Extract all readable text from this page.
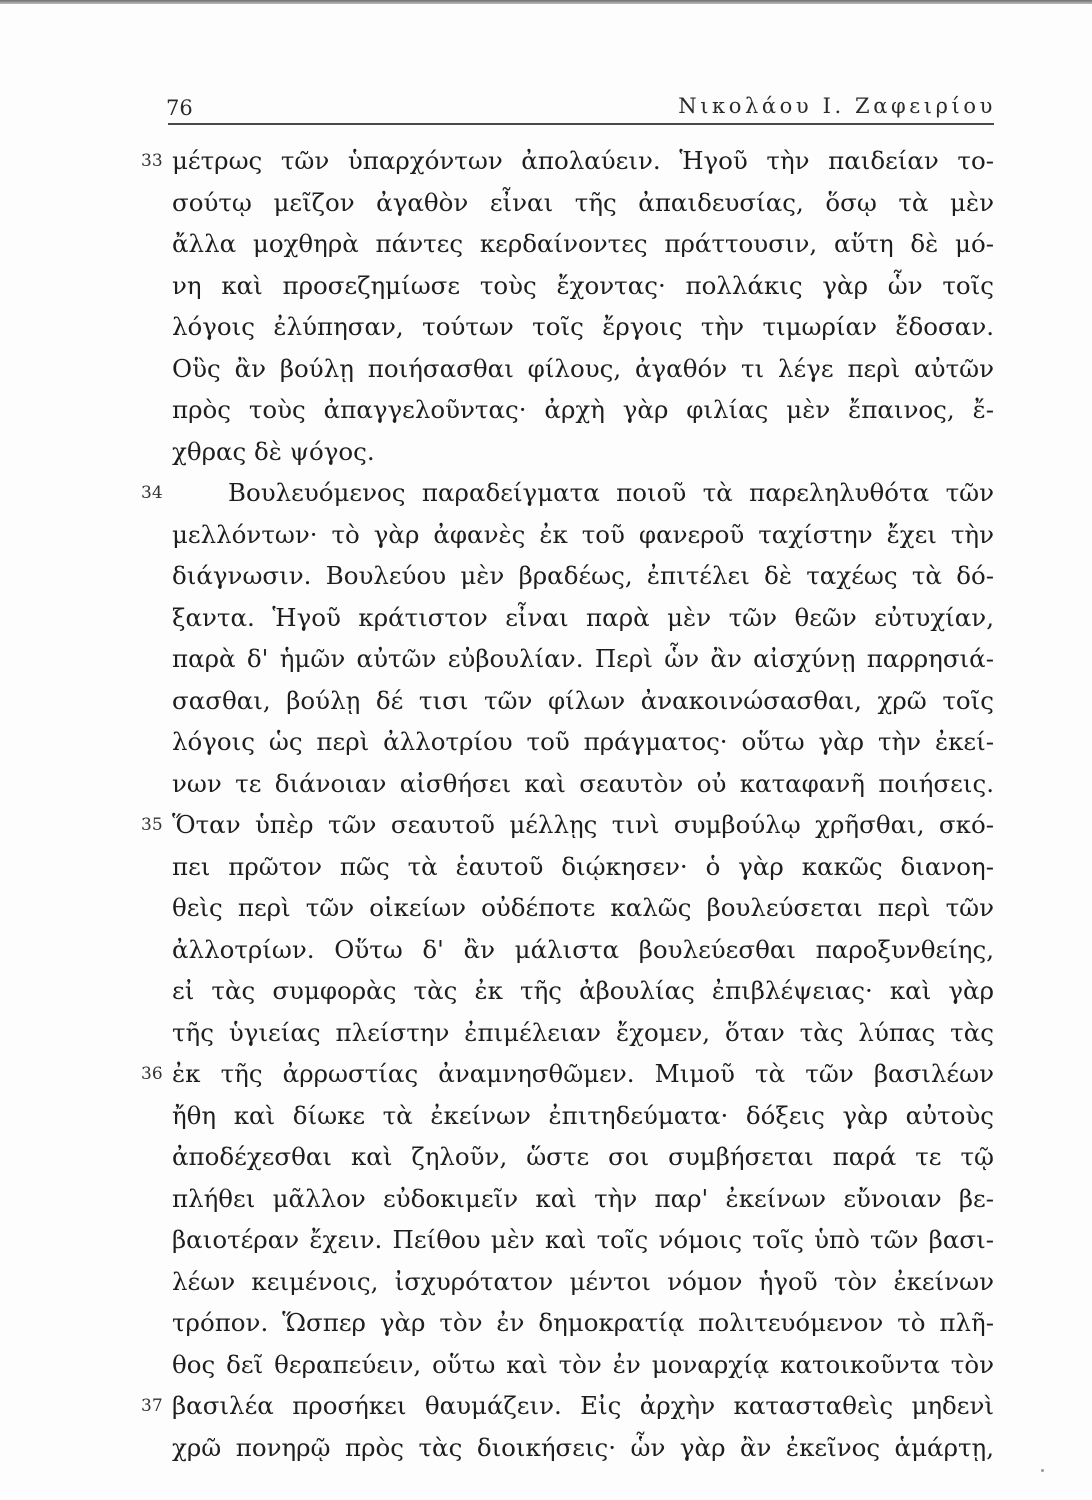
76	Νικολάου Ι. Ζαφειρίου
33 μέτρως τῶν ὑπαρχόντων ἀπολαύειν. Ἡγοῦ τὴν παιδείαν το-
σούτῳ μεῖζον ἀγαθὸν εἶναι τῆς ἀπαιδευσίας, ὅσῳ τὰ μὲν
ἄλλα μοχθηρὰ πάντες κερδαίνοντες πράττουσιν, αὕτη δὲ μό-
νη καὶ προσεζημίωσε τοὺς ἔχοντας· πολλάκις γὰρ ὧν τοῖς
λόγοις ἐλύπησαν, τούτων τοῖς ἔργοις τὴν τιμωρίαν ἔδοσαν.
Οὓς ἂν βούλῃ ποιήσασθαι φίλους, ἀγαθόν τι λέγε περὶ αὐτῶν
πρὸς τοὺς ἀπαγγελοῦντας· ἀρχὴ γὰρ φιλίας μὲν ἔπαινος, ἔ-
χθρας δὲ ψόγος.
34	Βουλευόμενος παραδείγματα ποιοῦ τὰ παρεληλυθότα τῶν
μελλόντων· τὸ γὰρ ἀφανὲς ἐκ τοῦ φανεροῦ ταχίστην ἔχει τὴν
διάγνωσιν. Βουλεύου μὲν βραδέως, ἐπιτέλει δὲ ταχέως τὰ δό-
ξαντα. Ἡγοῦ κράτιστον εἶναι παρὰ μὲν τῶν θεῶν εὐτυχίαν,
παρὰ δ' ἡμῶν αὐτῶν εὐβουλίαν. Περὶ ὧν ἂν αἰσχύνῃ παρρησιά-
σασθαι, βούλῃ δέ τισι τῶν φίλων ἀνακοινώσασθαι, χρῶ τοῖς
λόγοις ὡς περὶ ἀλλοτρίου τοῦ πράγματος· οὕτω γὰρ τὴν ἐκεί-
νων τε διάνοιαν αἰσθήσει καὶ σεαυτὸν οὐ καταφανῆ ποιήσεις.
35 Ὅταν ὑπὲρ τῶν σεαυτοῦ μέλλῃς τινὶ συμβούλῳ χρῆσθαι, σκό-
πει πρῶτον πῶς τὰ ἑαυτοῦ διῴκησεν· ὁ γὰρ κακῶς διανοη-
θεὶς περὶ τῶν οἰκείων οὐδέποτε καλῶς βουλεύσεται περὶ τῶν
ἀλλοτρίων. Οὕτω δ' ἂν μάλιστα βουλεύεσθαι παροξυνθείης,
εἰ τὰς συμφορὰς τὰς ἐκ τῆς ἀβουλίας ἐπιβλέψειας· καὶ γὰρ
τῆς ὑγιείας πλείστην ἐπιμέλειαν ἔχομεν, ὅταν τὰς λύπας τὰς
36 ἐκ τῆς ἀρρωστίας ἀναμνησθῶμεν. Μιμοῦ τὰ τῶν βασιλέων
ἤθη καὶ δίωκε τὰ ἐκείνων ἐπιτηδεύματα· δόξεις γὰρ αὐτοὺς
ἀποδέχεσθαι καὶ ζηλοῦν, ὥστε σοι συμβήσεται παρά τε τῷ
πλήθει μᾶλλον εὐδοκιμεῖν καὶ τὴν παρ' ἐκείνων εὔνοιαν βε-
βαιοτέραν ἔχειν. Πείθου μὲν καὶ τοῖς νόμοις τοῖς ὑπὸ τῶν βασι-
λέων κειμένοις, ἰσχυρότατον μέντοι νόμον ἡγοῦ τὸν ἐκείνων
τρόπον. Ὥσπερ γὰρ τὸν ἐν δημοκρατίᾳ πολιτευόμενον τὸ πλῆ-
θος δεῖ θεραπεύειν, οὕτω καὶ τὸν ἐν μοναρχίᾳ κατοικοῦντα τὸν
37 βασιλέα προσήκει θαυμάζειν. Εἰς ἀρχὴν κατασταθεὶς μηδενὶ
χρῶ πονηρῷ πρὸς τὰς διοικήσεις· ὧν γὰρ ἂν ἐκεῖνος ἁμάρτῃ,
